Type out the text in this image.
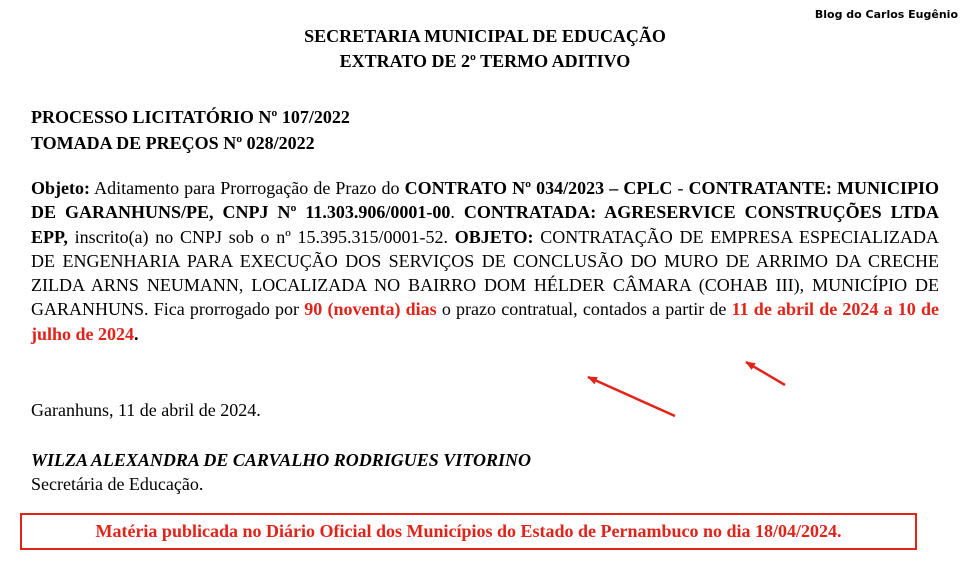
Blog do Carlos Eugênio
SECRETARIA MUNICIPAL DE EDUCAÇÃO
EXTRATO DE 2º TERMO ADITIVO
PROCESSO LICITATÓRIO Nº 107/2022
TOMADA DE PREÇOS Nº 028/2022
Objeto: Aditamento para Prorrogação de Prazo do CONTRATO Nº 034/2023 – CPLC - CONTRATANTE: MUNICIPIO DE GARANHUNS/PE, CNPJ Nº 11.303.906/0001-00. CONTRATADA: AGRESERVICE CONSTRUÇÕES LTDA EPP, inscrito(a) no CNPJ sob o nº 15.395.315/0001-52. OBJETO: CONTRATAÇÃO DE EMPRESA ESPECIALIZADA DE ENGENHARIA PARA EXECUÇÃO DOS SERVIÇOS DE CONCLUSÃO DO MURO DE ARRIMO DA CRECHE ZILDA ARNS NEUMANN, LOCALIZADA NO BAIRRO DOM HÉLDER CÂMARA (COHAB III), MUNICÍPIO DE GARANHUNS. Fica prorrogado por 90 (noventa) dias o prazo contratual, contados a partir de 11 de abril de 2024 a 10 de julho de 2024.
Garanhuns, 11 de abril de 2024.
WILZA ALEXANDRA DE CARVALHO RODRIGUES VITORINO
Secretária de Educação.
Matéria publicada no Diário Oficial dos Municípios do Estado de Pernambuco no dia 18/04/2024.
